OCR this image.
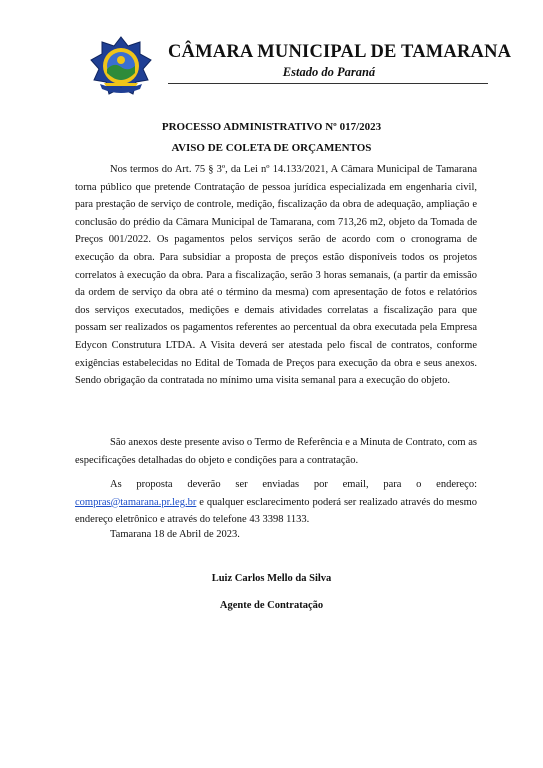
CÂMARA MUNICIPAL DE TAMARANA
Estado do Paraná
PROCESSO ADMINISTRATIVO Nº 017/2023
AVISO DE COLETA DE ORÇAMENTOS

Nos termos do Art. 75 § 3º, da Lei nº 14.133/2021, A Câmara Municipal de Tamarana torna público que pretende Contratação de pessoa jurídica especializada em engenharia civil, para prestação de serviço de controle, medição, fiscalização da obra de adequação, ampliação e conclusão do prédio da Câmara Municipal de Tamarana, com 713,26 m2, objeto da Tomada de Preços 001/2022. Os pagamentos pelos serviços serão de acordo com o cronograma de execução da obra. Para subsidiar a proposta de preços estão disponíveis todos os projetos correlatos à execução da obra. Para a fiscalização, serão 3 horas semanais, (a partir da emissão da ordem de serviço da obra até o término da mesma) com apresentação de fotos e relatórios dos serviços executados, medições e demais atividades correlatas a fiscalização para que possam ser realizados os pagamentos referentes ao percentual da obra executada pela Empresa Edycon Construtura LTDA. A Visita deverá ser atestada pelo fiscal de contratos, conforme exigências estabelecidas no Edital de Tomada de Preços para execução da obra e seus anexos. Sendo obrigação da contratada no mínimo uma visita semanal para a execução do objeto.

São anexos deste presente aviso o Termo de Referência e a Minuta de Contrato, com as especificações detalhadas do objeto e condições para a contratação.

As proposta deverão ser enviadas por email, para o endereço: compras@tamarana.pr.leg.br e qualquer esclarecimento poderá ser realizado através do mesmo endereço eletrônico e através do telefone 43 3398 1133.

Tamarana 18 de Abril de 2023.

Luiz Carlos Mello da Silva
Agente de Contratação
